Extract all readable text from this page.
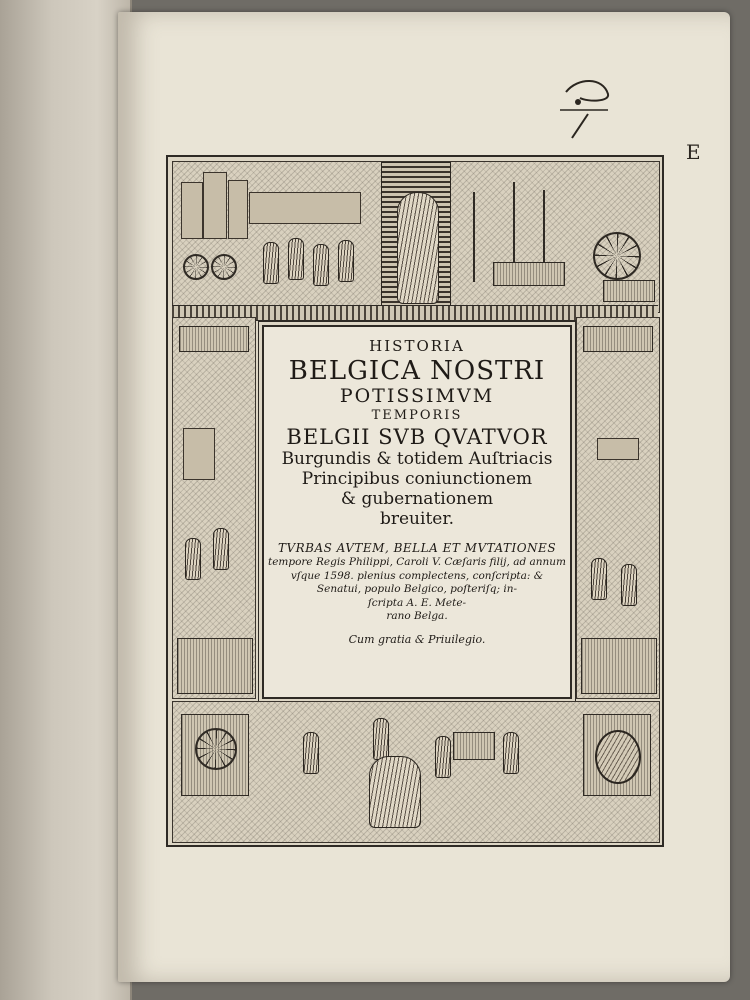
E
HISTORIA
BELGICA NOSTRI
POTISSIMVM
TEMPORIS
BELGII SVB QVATVOR
Burgundis & totidem Auſtriacis
Principibus coniunctionem
& gubernationem
breuiter.
TVRBAS AVTEM, BELLA ET MVTATIONES
tempore Regis Philippi, Caroli V. Cæſaris filij, ad annum
vſque 1598. plenius complectens, conſcripta: &
Senatui, populo Belgico, poſteriſq; in-
ſcripta A. E. Mete-
rano Belga.
Cum gratia & Priuilegio.
